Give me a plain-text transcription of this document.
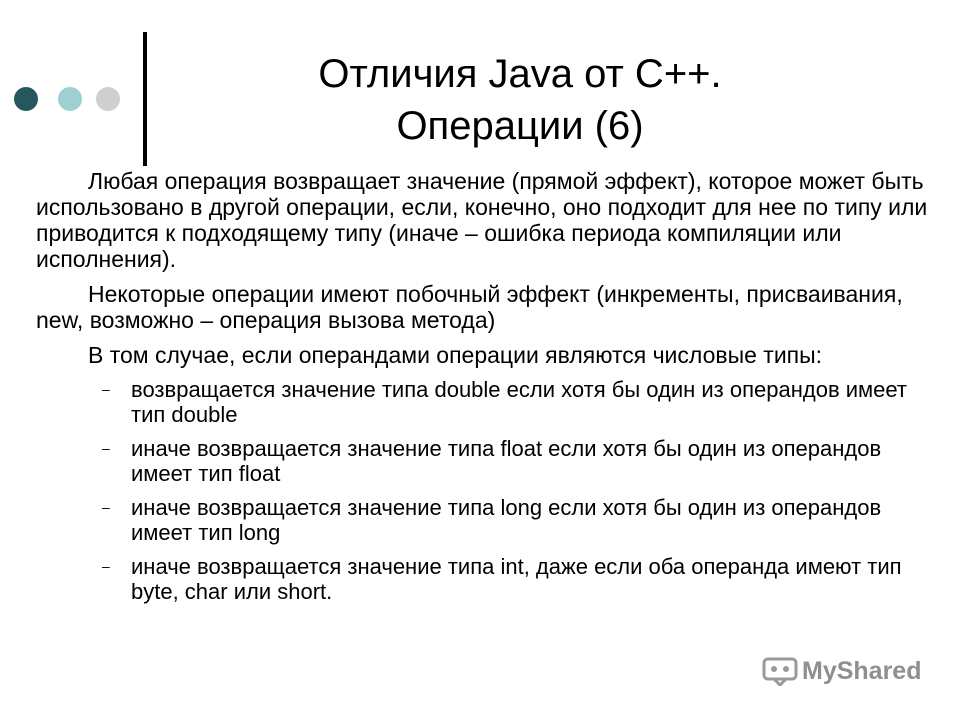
Отличия Java от C++.
Операции (6)

Любая операция возвращает значение (прямой эффект), которое может быть использовано в другой операции, если, конечно, оно подходит для нее по типу или приводится к подходящему типу (иначе – ошибка периода компиляции или исполнения).

Некоторые операции имеют побочный эффект (инкременты, присваивания, new, возможно – операция вызова метода)

В том случае, если операндами операции являются числовые типы:

– возвращается значение типа double если хотя бы один из операндов имеет тип double
– иначе возвращается значение типа float если хотя бы один из операндов имеет тип float
– иначе возвращается значение типа long если хотя бы один из операндов имеет тип long
– иначе возвращается значение типа int, даже если оба операнда имеют тип byte, char или short.
MyShared
